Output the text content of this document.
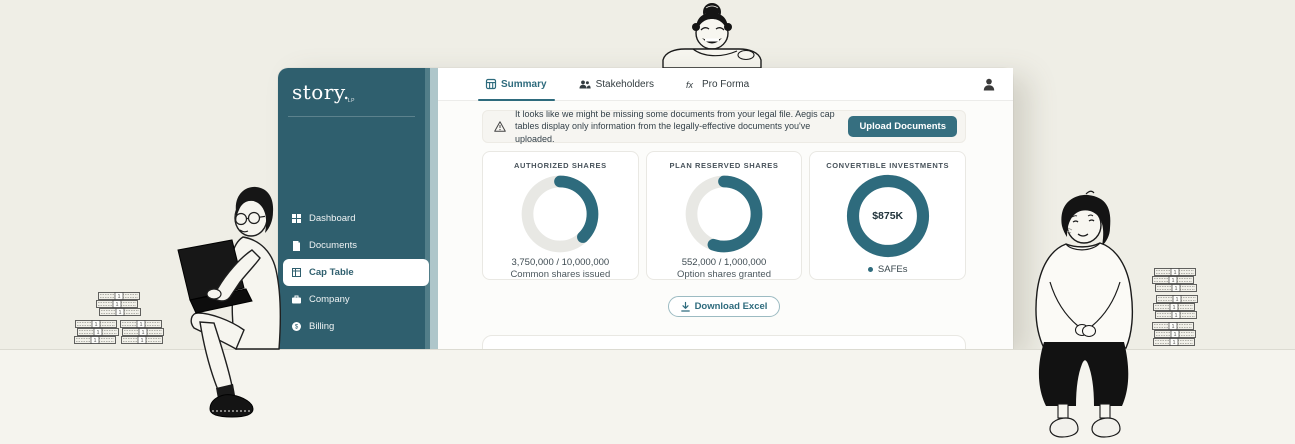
story.LP
Dashboard
Documents
Cap Table
Company
$ Billing
Summary	Stakeholders	fx Pro Forma
It looks like we might be missing some documents from your legal file. Aegis cap tables display only information from the legally-effective documents you've uploaded.
Upload Documents
AUTHORIZED SHARES
3,750,000 / 10,000,000
Common shares issued
PLAN RESERVED SHARES
552,000 / 1,000,000
Option shares granted
CONVERTIBLE INVESTMENTS
$875K
SAFEs
Download Excel
